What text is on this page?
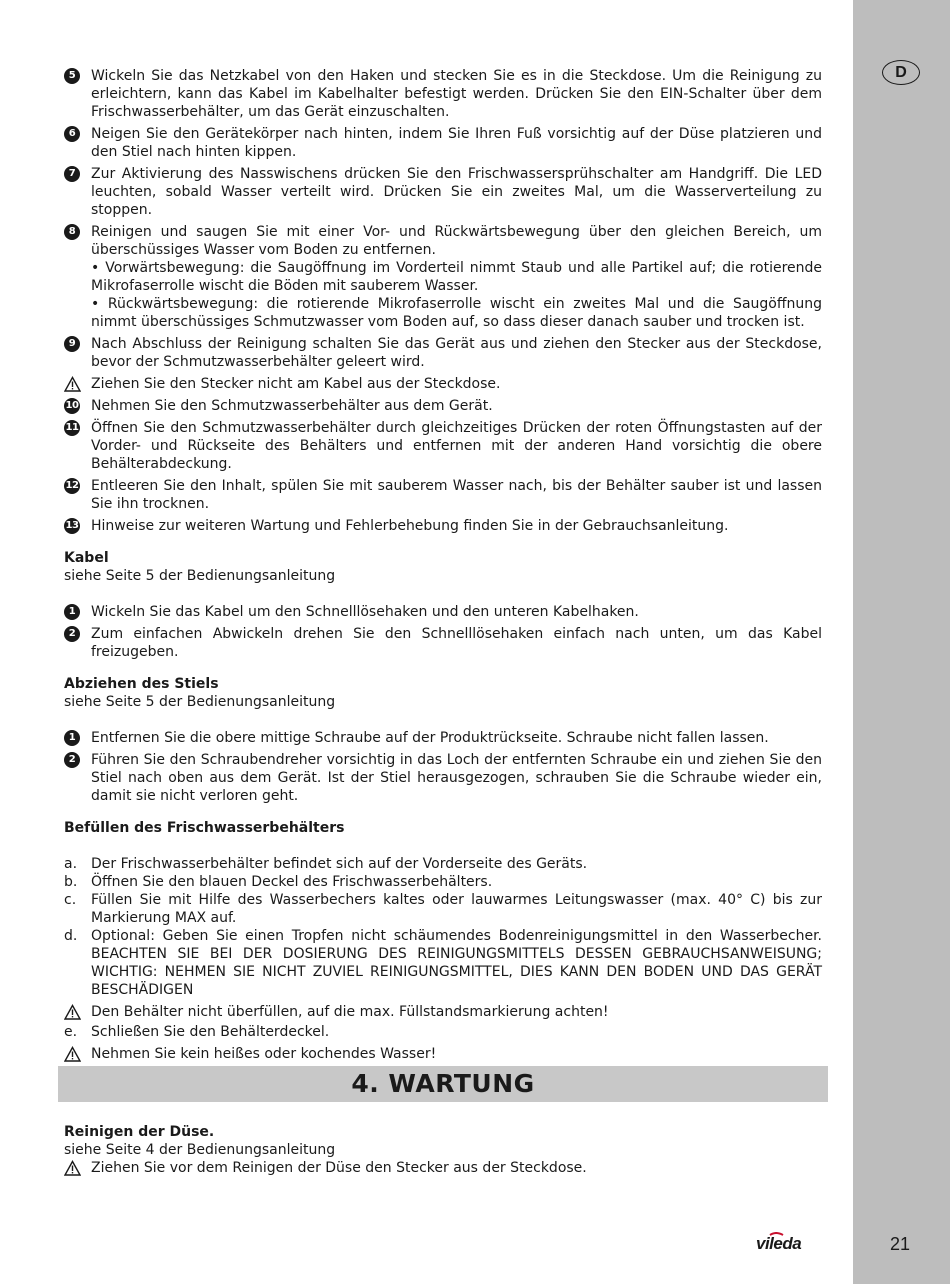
D
21
5	Wickeln Sie das Netzkabel von den Haken und stecken Sie es in die Steckdose. Um die Reinigung zu erleichtern, kann das Kabel im Kabelhalter befestigt werden. Drücken Sie den EIN-Schalter über dem Frischwasserbehälter, um das Gerät einzuschalten.
6	Neigen Sie den Gerätekörper nach hinten, indem Sie Ihren Fuß vorsichtig auf der Düse platzieren und den Stiel nach hinten kippen.
7	Zur Aktivierung des Nasswischens drücken Sie den Frischwassersprühschalter am Handgriff. Die LED leuchten, sobald Wasser verteilt wird. Drücken Sie ein zweites Mal, um die Wasserverteilung zu stoppen.
8	Reinigen und saugen Sie mit einer Vor- und Rückwärtsbewegung über den gleichen Bereich, um überschüssiges Wasser vom Boden zu entfernen.
• Vorwärtsbewegung: die Saugöffnung im Vorderteil nimmt Staub und alle Partikel auf; die rotierende Mikrofaserrolle wischt die Böden mit sauberem Wasser.
• Rückwärtsbewegung: die rotierende Mikrofaserrolle wischt ein zweites Mal und die Saugöffnung nimmt überschüssiges Schmutzwasser vom Boden auf, so dass dieser danach sauber und trocken ist.
9	Nach Abschluss der Reinigung schalten Sie das Gerät aus und ziehen den Stecker aus der Steckdose, bevor der Schmutzwasserbehälter geleert wird.
Ziehen Sie den Stecker nicht am Kabel aus der Steckdose.
10 Nehmen Sie den Schmutzwasserbehälter aus dem Gerät.
11 Öffnen Sie den Schmutzwasserbehälter durch gleichzeitiges Drücken der roten Öffnungstasten auf der Vorder- und Rückseite des Behälters und entfernen mit der anderen Hand vorsichtig die obere Behälterabdeckung.
12 Entleeren Sie den Inhalt, spülen Sie mit sauberem Wasser nach, bis der Behälter sauber ist und lassen Sie ihn trocknen.
13 Hinweise zur weiteren Wartung und Fehlerbehebung finden Sie in der Gebrauchsanleitung.
Kabel
siehe Seite 5 der Bedienungsanleitung
1	Wickeln Sie das Kabel um den Schnelllösehaken und den unteren Kabelhaken.
2	Zum einfachen Abwickeln drehen Sie den Schnelllösehaken einfach nach unten, um das Kabel freizugeben.
Abziehen des Stiels
siehe Seite 5 der Bedienungsanleitung
1	Entfernen Sie die obere mittige Schraube auf der Produktrückseite. Schraube nicht fallen lassen.
2	Führen Sie den Schraubendreher vorsichtig in das Loch der entfernten Schraube ein und ziehen Sie den Stiel nach oben aus dem Gerät. Ist der Stiel herausgezogen, schrauben Sie die Schraube wieder ein, damit sie nicht verloren geht.
Befüllen des Frischwasserbehälters
a. Der Frischwasserbehälter befindet sich auf der Vorderseite des Geräts.
b. Öffnen Sie den blauen Deckel des Frischwasserbehälters.
c. Füllen Sie mit Hilfe des Wasserbechers kaltes oder lauwarmes Leitungswasser (max. 40° C) bis zur Markierung MAX auf.
d. Optional: Geben Sie einen Tropfen nicht schäumendes Bodenreinigungsmittel in den Wasserbecher. BEACHTEN SIE BEI DER DOSIERUNG DES REINIGUNGSMITTELS DESSEN GEBRAUCHSANWEISUNG; WICHTIG: NEHMEN SIE NICHT ZUVIEL REINIGUNGSMITTEL, DIES KANN DEN BODEN UND DAS GERÄT BESCHÄDIGEN
Den Behälter nicht überfüllen, auf die max. Füllstandsmarkierung achten!
e. Schließen Sie den Behälterdeckel.
Nehmen Sie kein heißes oder kochendes Wasser!
4. WARTUNG
Reinigen der Düse.
siehe Seite 4 der Bedienungsanleitung
Ziehen Sie vor dem Reinigen der Düse den Stecker aus der Steckdose.
vileda
